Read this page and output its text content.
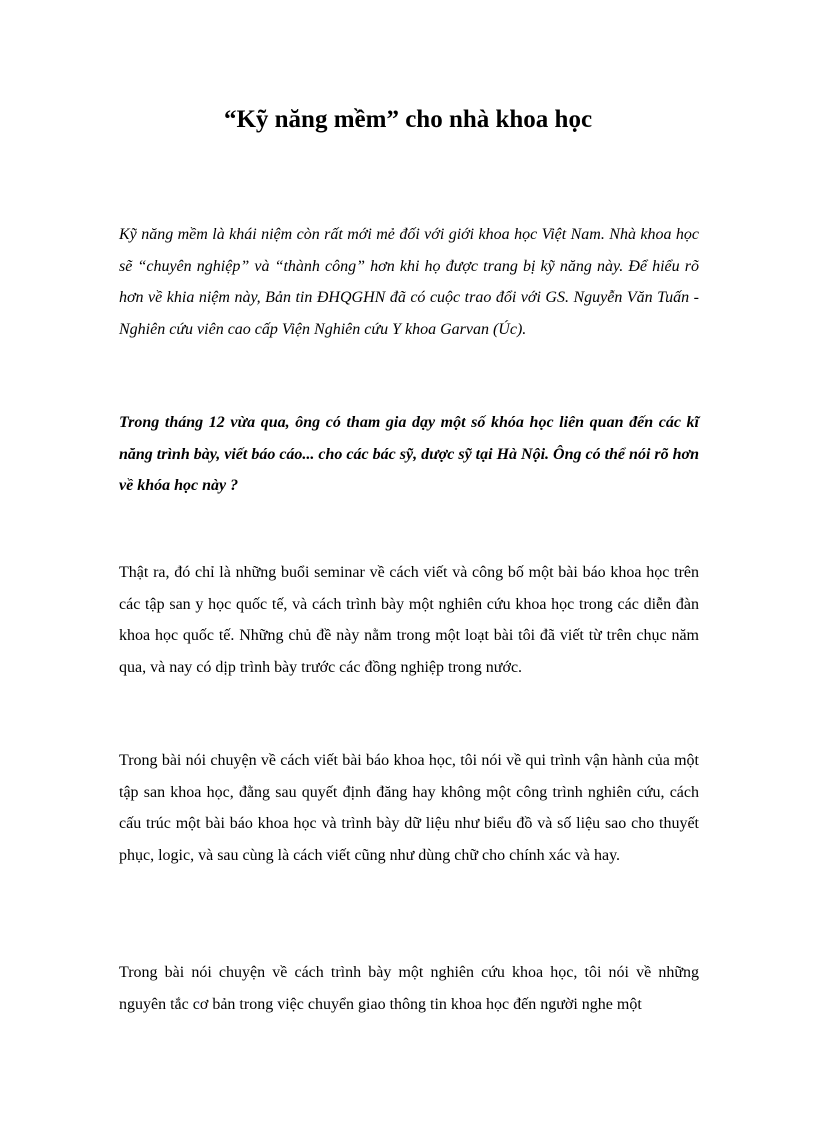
“Kỹ năng mềm” cho nhà khoa học

Kỹ năng mềm là khái niệm còn rất mới mẻ đối với giới khoa học Việt Nam. Nhà khoa học sẽ “chuyên nghiệp” và “thành công” hơn khi họ được trang bị kỹ năng này. Để hiểu rõ hơn về khia niệm này, Bản tin ĐHQGHN đã có cuộc trao đổi với GS. Nguyễn Văn Tuấn - Nghiên cứu viên cao cấp Viện Nghiên cứu Y khoa Garvan (Úc).

Trong tháng 12 vừa qua, ông có tham gia dạy một số khóa học liên quan đến các kĩ năng trình bày, viết báo cáo... cho các bác sỹ, dược sỹ tại Hà Nội. Ông có thể nói rõ hơn về khóa học này ?

Thật ra, đó chỉ là những buổi seminar về cách viết và công bố một bài báo khoa học trên các tập san y học quốc tế, và cách trình bày một nghiên cứu khoa học trong các diễn đàn khoa học quốc tế. Những chủ đề này nằm trong một loạt bài tôi đã viết từ trên chục năm qua, và nay có dịp trình bày trước các đồng nghiệp trong nước.

Trong bài nói chuyện về cách viết bài báo khoa học, tôi nói về qui trình vận hành của một tập san khoa học, đằng sau quyết định đăng hay không một công trình nghiên cứu, cách cấu trúc một bài báo khoa học và trình bày dữ liệu như biểu đồ và số liệu sao cho thuyết phục, logic, và sau cùng là cách viết cũng như dùng chữ cho chính xác và hay.

Trong bài nói chuyện về cách trình bày một nghiên cứu khoa học, tôi nói về những nguyên tắc cơ bản trong việc chuyển giao thông tin khoa học đến người nghe một
